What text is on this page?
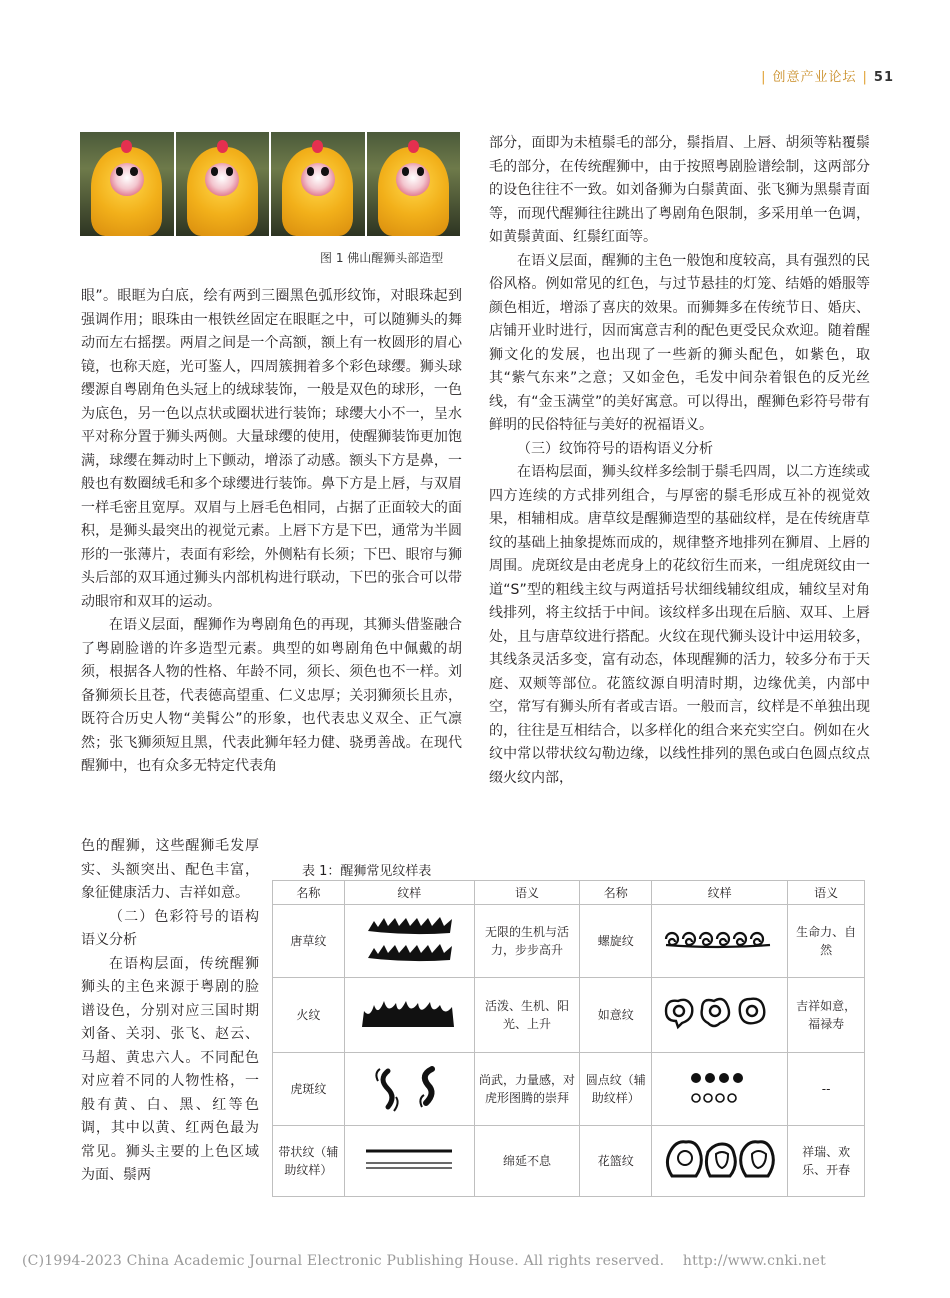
| 创意产业论坛 | 51
图 1 佛山醒狮头部造型

眼”。眼眶为白底，绘有两到三圈黑色弧形纹饰，对眼珠起到强调作用；眼珠由一根铁丝固定在眼眶之中，可以随狮头的舞动而左右摇摆。两眉之间是一个高额，额上有一枚圆形的眉心镜，也称天庭，光可鉴人，四周簇拥着多个彩色球缨。狮头球缨源自粤剧角色头冠上的绒球装饰，一般是双色的球形，一色为底色，另一色以点状或圈状进行装饰；球缨大小不一，呈水平对称分置于狮头两侧。大量球缨的使用，使醒狮装饰更加饱满，球缨在舞动时上下颤动，增添了动感。额头下方是鼻，一般也有数圈绒毛和多个球缨进行装饰。鼻下方是上唇，与双眉一样毛密且宽厚。双眉与上唇毛色相同，占据了正面较大的面积，是狮头最突出的视觉元素。上唇下方是下巴，通常为半圆形的一张薄片，表面有彩绘，外侧粘有长须；下巴、眼帘与狮头后部的双耳通过狮头内部机构进行联动，下巴的张合可以带动眼帘和双耳的运动。

在语义层面，醒狮作为粤剧角色的再现，其狮头借鉴融合了粤剧脸谱的许多造型元素。典型的如粤剧角色中佩戴的胡须，根据各人物的性格、年龄不同，须长、须色也不一样。刘备狮须长且苍，代表德高望重、仁义忠厚；关羽狮须长且赤，既符合历史人物“美髯公”的形象，也代表忠义双全、正气凛然；张飞狮须短且黑，代表此狮年轻力健、骁勇善战。在现代醒狮中，也有众多无特定代表角

色的醒狮，这些醒狮毛发厚实、头额突出、配色丰富，象征健康活力、吉祥如意。

（二）色彩符号的语构语义分析

在语构层面，传统醒狮狮头的主色来源于粤剧的脸谱设色，分别对应三国时期刘备、关羽、张飞、赵云、马超、黄忠六人。不同配色对应着不同的人物性格，一般有黄、白、黑、红等色调，其中以黄、红两色最为常见。狮头主要的上色区域为面、鬃两

部分，面即为未植鬃毛的部分，鬃指眉、上唇、胡须等粘覆鬃毛的部分，在传统醒狮中，由于按照粤剧脸谱绘制，这两部分的设色往往不一致。如刘备狮为白鬃黄面、张飞狮为黑鬃青面等，而现代醒狮往往跳出了粤剧角色限制，多采用单一色调，如黄鬃黄面、红鬃红面等。

在语义层面，醒狮的主色一般饱和度较高，具有强烈的民俗风格。例如常见的红色，与过节悬挂的灯笼、结婚的婚服等颜色相近，增添了喜庆的效果。而狮舞多在传统节日、婚庆、店铺开业时进行，因而寓意吉利的配色更受民众欢迎。随着醒狮文化的发展，也出现了一些新的狮头配色，如紫色，取其“紫气东来”之意；又如金色，毛发中间杂着银色的反光丝线，有“金玉满堂”的美好寓意。可以得出，醒狮色彩符号带有鲜明的民俗特征与美好的祝福语义。

（三）纹饰符号的语构语义分析

在语构层面，狮头纹样多绘制于鬃毛四周，以二方连续或四方连续的方式排列组合，与厚密的鬃毛形成互补的视觉效果，相辅相成。唐草纹是醒狮造型的基础纹样，是在传统唐草纹的基础上抽象提炼而成的，规律整齐地排列在狮眉、上唇的周围。虎斑纹是由老虎身上的花纹衍生而来，一组虎斑纹由一道“S”型的粗线主纹与两道括号状细线辅纹组成，辅纹呈对角线排列，将主纹括于中间。该纹样多出现在后脑、双耳、上唇处，且与唐草纹进行搭配。火纹在现代狮头设计中运用较多，其线条灵活多变，富有动态，体现醒狮的活力，较多分布于天庭、双颊等部位。花篮纹源自明清时期，边缘优美，内部中空，常写有狮头所有者或吉语。一般而言，纹样是不单独出现的，往往是互相结合，以多样化的组合来充实空白。例如在火纹中常以带状纹勾勒边缘，以线性排列的黑色或白色圆点纹点缀火纹内部，

表 1：醒狮常见纹样表
名称	纹样	语义	名称	纹样	语义
唐草纹		无限的生机与活力，步步高升	螺旋纹		生命力、自然
火纹		活泼、生机、阳光、上升	如意纹		吉祥如意，福禄寿
虎斑纹		尚武，力量感，对虎形图腾的崇拜	圆点纹（辅助纹样）		--
带状纹（辅助纹样）		绵延不息	花篮纹		祥瑞、欢乐、开春
(C)1994-2023 China Academic Journal Electronic Publishing House. All rights reserved. http://www.cnki.net
